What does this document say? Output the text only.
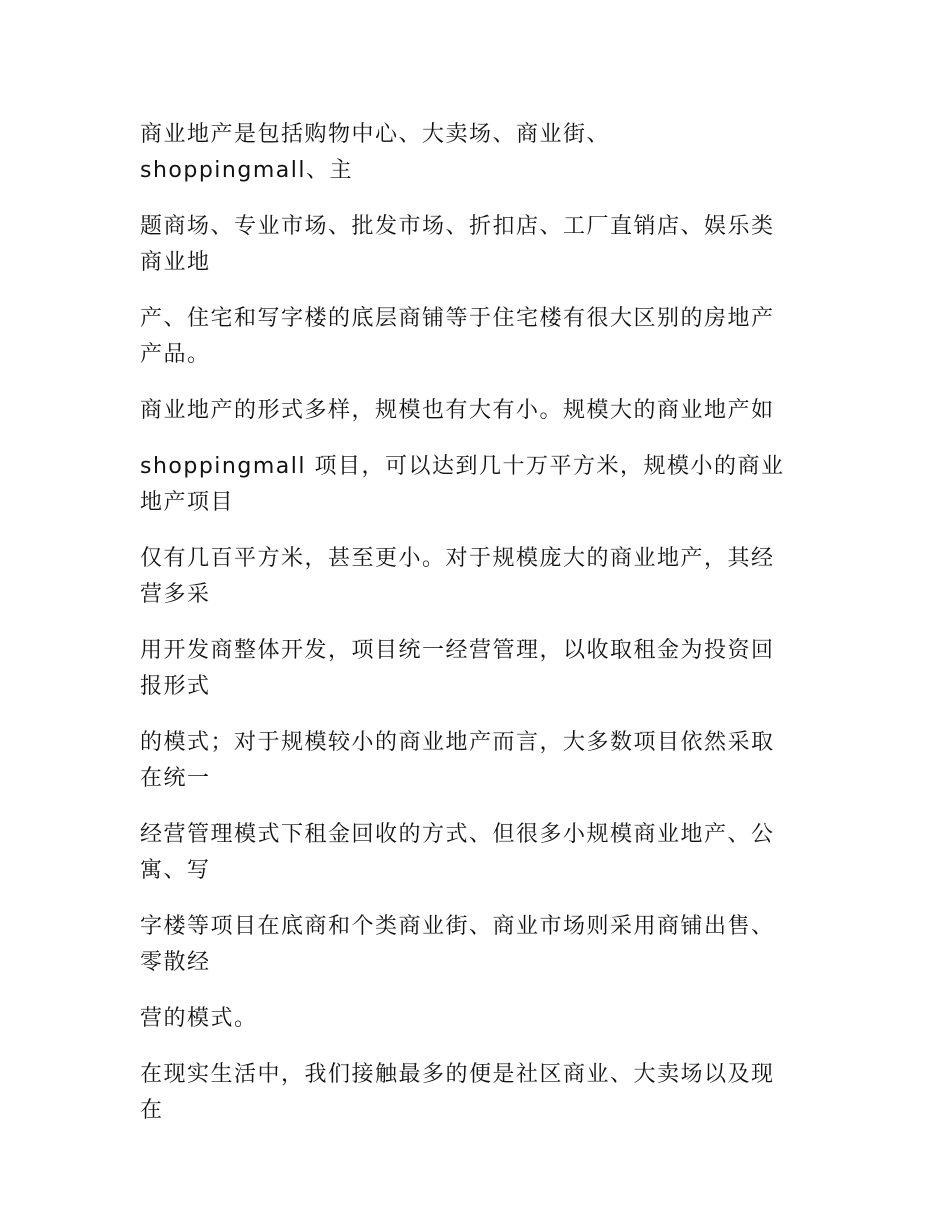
商业地产是包括购物中心、大卖场、商业街、
shoppingmall、主

题商场、专业市场、批发市场、折扣店、工厂直销店、娱乐类
商业地

产、住宅和写字楼的底层商铺等于住宅楼有很大区别的房地产
产品。

商业地产的形式多样，规模也有大有小。规模大的商业地产如

shoppingmall 项目，可以达到几十万平方米，规模小的商业
地产项目

仅有几百平方米，甚至更小。对于规模庞大的商业地产，其经
营多采

用开发商整体开发，项目统一经营管理，以收取租金为投资回
报形式

的模式；对于规模较小的商业地产而言，大多数项目依然采取
在统一

经营管理模式下租金回收的方式、但很多小规模商业地产、公
寓、写

字楼等项目在底商和个类商业街、商业市场则采用商铺出售、
零散经

营的模式。

在现实生活中，我们接触最多的便是社区商业、大卖场以及现
在
